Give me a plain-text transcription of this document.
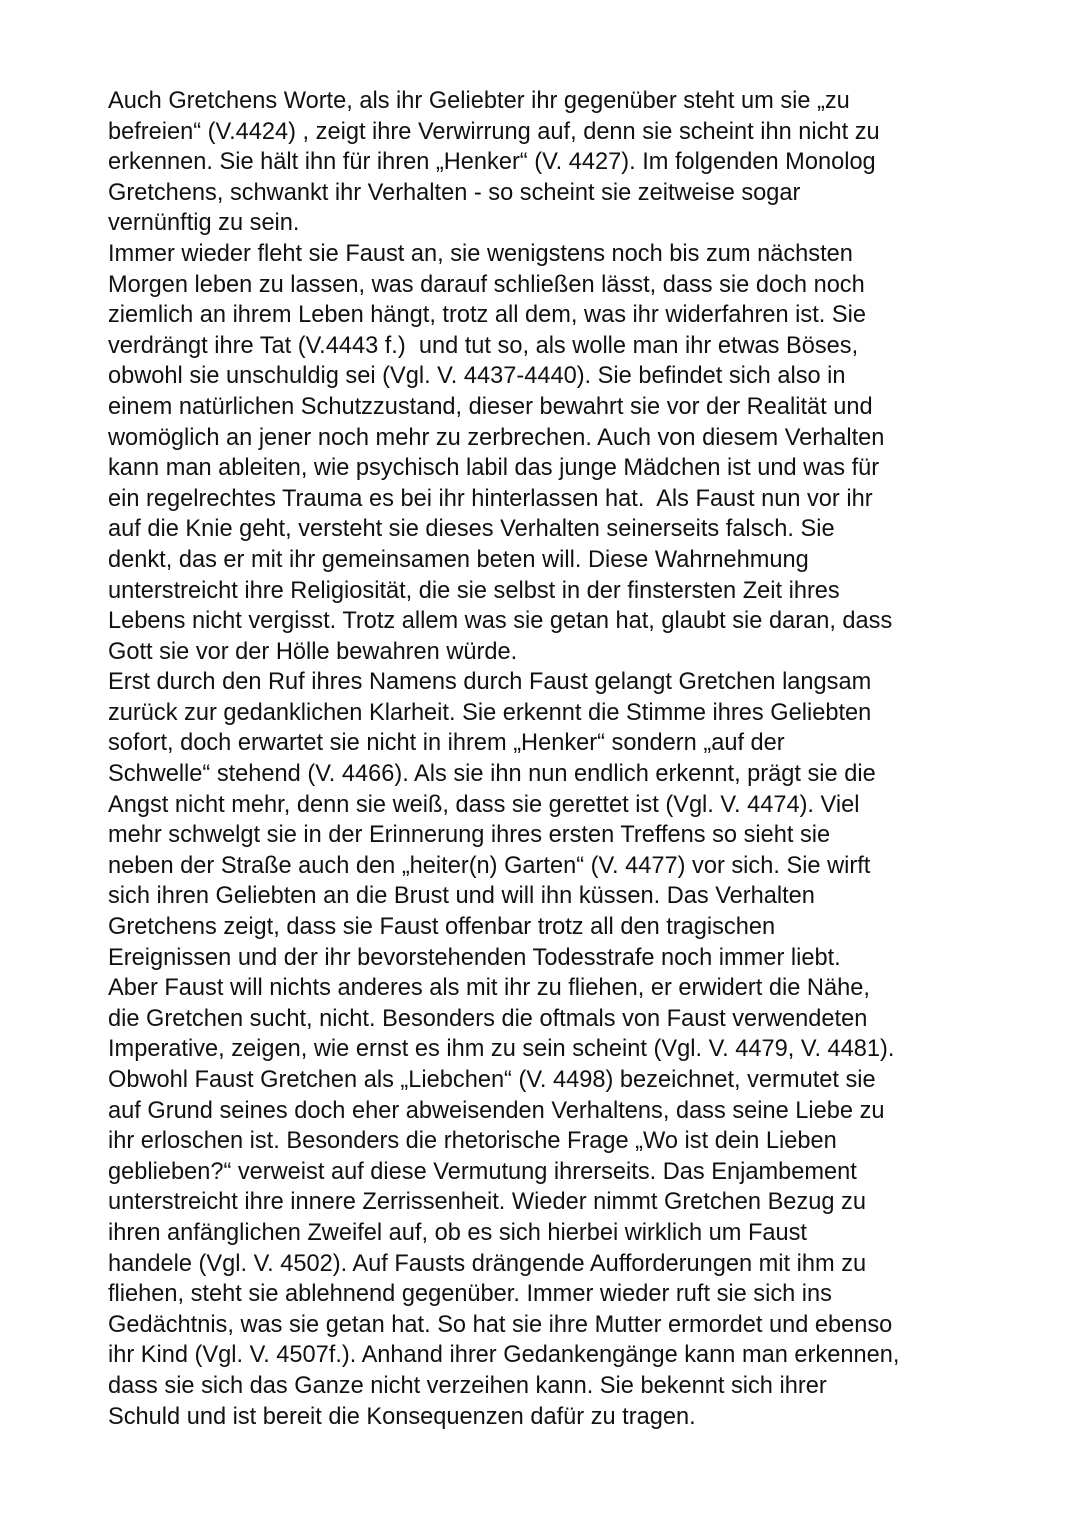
Auch Gretchens Worte, als ihr Geliebter ihr gegenüber steht um sie „zu
befreien“ (V.4424) , zeigt ihre Verwirrung auf, denn sie scheint ihn nicht zu
erkennen. Sie hält ihn für ihren „Henker“ (V. 4427). Im folgenden Monolog
Gretchens, schwankt ihr Verhalten - so scheint sie zeitweise sogar
vernünftig zu sein.
Immer wieder fleht sie Faust an, sie wenigstens noch bis zum nächsten
Morgen leben zu lassen, was darauf schließen lässt, dass sie doch noch
ziemlich an ihrem Leben hängt, trotz all dem, was ihr widerfahren ist. Sie
verdrängt ihre Tat (V.4443 f.)  und tut so, als wolle man ihr etwas Böses,
obwohl sie unschuldig sei (Vgl. V. 4437-4440). Sie befindet sich also in
einem natürlichen Schutzzustand, dieser bewahrt sie vor der Realität und
womöglich an jener noch mehr zu zerbrechen. Auch von diesem Verhalten
kann man ableiten, wie psychisch labil das junge Mädchen ist und was für
ein regelrechtes Trauma es bei ihr hinterlassen hat.  Als Faust nun vor ihr
auf die Knie geht, versteht sie dieses Verhalten seinerseits falsch. Sie
denkt, das er mit ihr gemeinsamen beten will. Diese Wahrnehmung
unterstreicht ihre Religiosität, die sie selbst in der finstersten Zeit ihres
Lebens nicht vergisst. Trotz allem was sie getan hat, glaubt sie daran, dass
Gott sie vor der Hölle bewahren würde.
Erst durch den Ruf ihres Namens durch Faust gelangt Gretchen langsam
zurück zur gedanklichen Klarheit. Sie erkennt die Stimme ihres Geliebten
sofort, doch erwartet sie nicht in ihrem „Henker“ sondern „auf der
Schwelle“ stehend (V. 4466). Als sie ihn nun endlich erkennt, prägt sie die
Angst nicht mehr, denn sie weiß, dass sie gerettet ist (Vgl. V. 4474). Viel
mehr schwelgt sie in der Erinnerung ihres ersten Treffens so sieht sie
neben der Straße auch den „heiter(n) Garten“ (V. 4477) vor sich. Sie wirft
sich ihren Geliebten an die Brust und will ihn küssen. Das Verhalten
Gretchens zeigt, dass sie Faust offenbar trotz all den tragischen
Ereignissen und der ihr bevorstehenden Todesstrafe noch immer liebt.
Aber Faust will nichts anderes als mit ihr zu fliehen, er erwidert die Nähe,
die Gretchen sucht, nicht. Besonders die oftmals von Faust verwendeten
Imperative, zeigen, wie ernst es ihm zu sein scheint (Vgl. V. 4479, V. 4481).
Obwohl Faust Gretchen als „Liebchen“ (V. 4498) bezeichnet, vermutet sie
auf Grund seines doch eher abweisenden Verhaltens, dass seine Liebe zu
ihr erloschen ist. Besonders die rhetorische Frage „Wo ist dein Lieben
geblieben?“ verweist auf diese Vermutung ihrerseits. Das Enjambement
unterstreicht ihre innere Zerrissenheit. Wieder nimmt Gretchen Bezug zu
ihren anfänglichen Zweifel auf, ob es sich hierbei wirklich um Faust
handele (Vgl. V. 4502). Auf Fausts drängende Aufforderungen mit ihm zu
fliehen, steht sie ablehnend gegenüber. Immer wieder ruft sie sich ins
Gedächtnis, was sie getan hat. So hat sie ihre Mutter ermordet und ebenso
ihr Kind (Vgl. V. 4507f.). Anhand ihrer Gedankengänge kann man erkennen,
dass sie sich das Ganze nicht verzeihen kann. Sie bekennt sich ihrer
Schuld und ist bereit die Konsequenzen dafür zu tragen.
